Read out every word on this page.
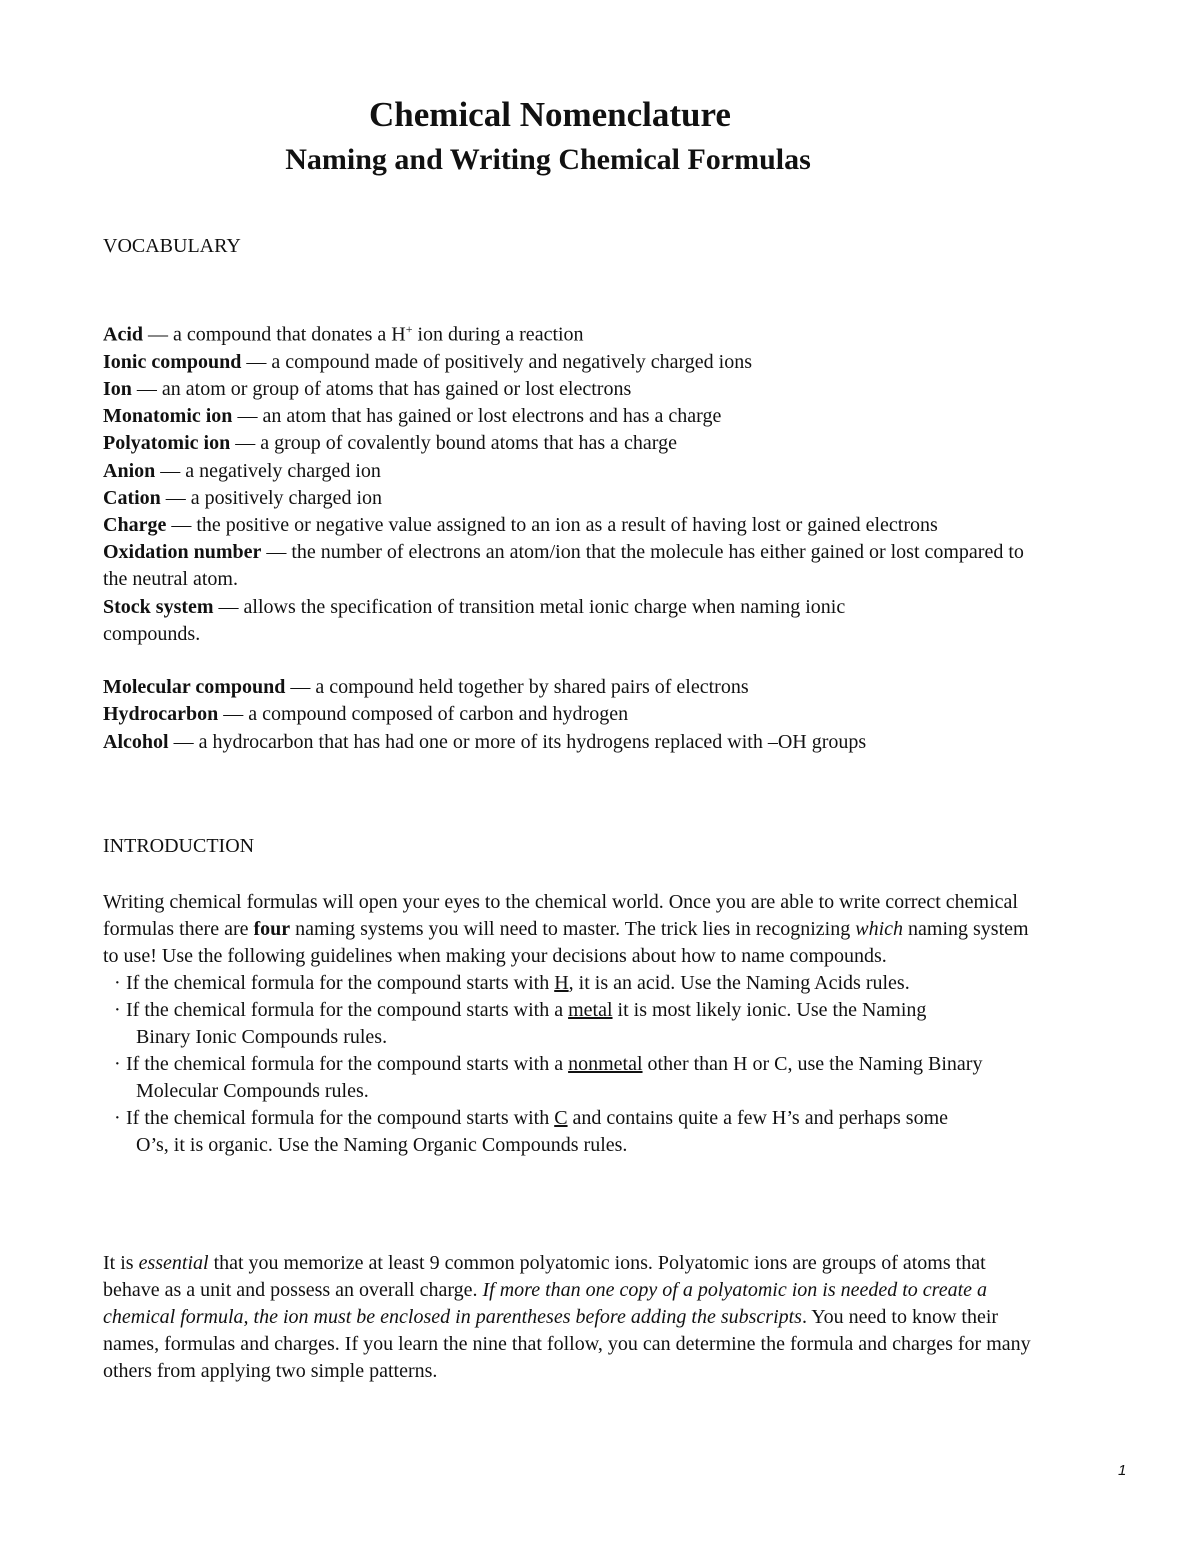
Chemical Nomenclature
Naming and Writing Chemical Formulas

VOCABULARY

Acid — a compound that donates a H+ ion during a reaction

Ionic compound — a compound made of positively and negatively charged ions

Ion — an atom or group of atoms that has gained or lost electrons

Monatomic ion — an atom that has gained or lost electrons and has a charge

Polyatomic ion — a group of covalently bound atoms that has a charge

Anion — a negatively charged ion

Cation — a positively charged ion

Charge — the positive or negative value assigned to an ion as a result of having lost or gained electrons

Oxidation number — the number of electrons an atom/ion that the molecule has either gained or lost compared to the neutral atom.

Stock system — allows the specification of transition metal ionic charge when naming ionic compounds.

Molecular compound — a compound held together by shared pairs of electrons

Hydrocarbon — a compound composed of carbon and hydrogen

Alcohol — a hydrocarbon that has had one or more of its hydrogens replaced with –OH groups

INTRODUCTION

Writing chemical formulas will open your eyes to the chemical world. Once you are able to write correct chemical formulas there are four naming systems you will need to master. The trick lies in recognizing which naming system to use! Use the following guidelines when making your decisions about how to name compounds.

· If the chemical formula for the compound starts with H, it is an acid. Use the Naming Acids rules.
· If the chemical formula for the compound starts with a metal it is most likely ionic. Use the Naming Binary Ionic Compounds rules.
· If the chemical formula for the compound starts with a nonmetal other than H or C, use the Naming Binary Molecular Compounds rules.
· If the chemical formula for the compound starts with C and contains quite a few H’s and perhaps some O’s, it is organic. Use the Naming Organic Compounds rules.

It is essential that you memorize at least 9 common polyatomic ions. Polyatomic ions are groups of atoms that behave as a unit and possess an overall charge. If more than one copy of a polyatomic ion is needed to create a chemical formula, the ion must be enclosed in parentheses before adding the subscripts. You need to know their names, formulas and charges. If you learn the nine that follow, you can determine the formula and charges for many others from applying two simple patterns.

1
